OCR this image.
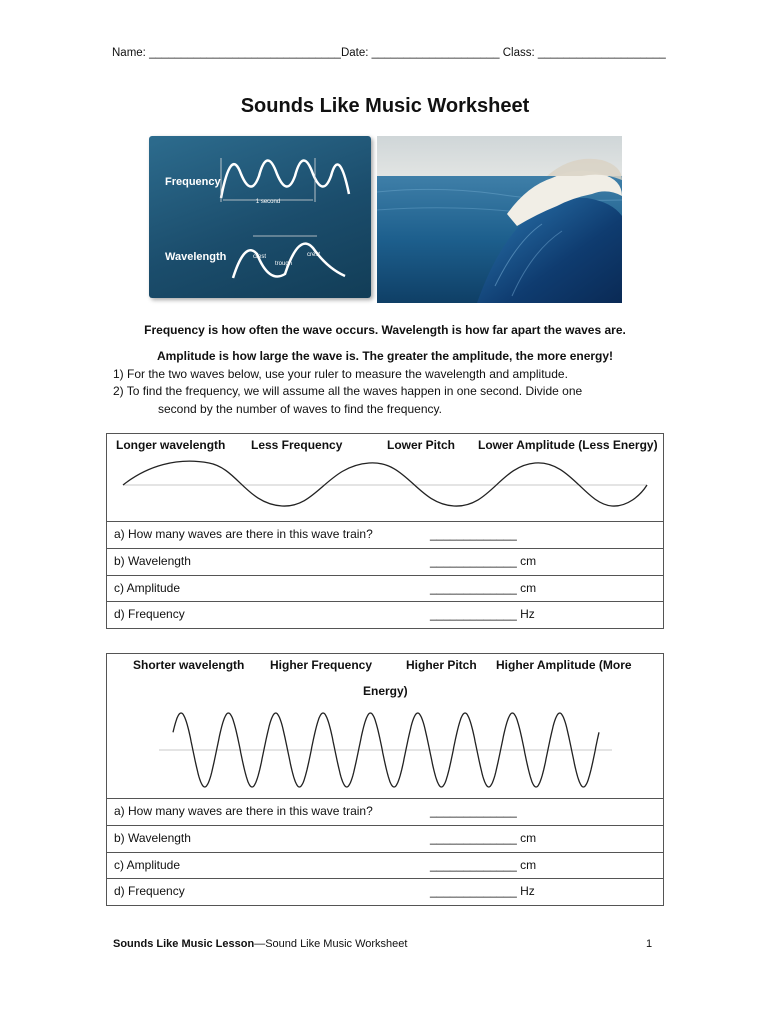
Name: ______________________________Date: ____________________ Class: ____________________
Sounds Like Music Worksheet
Frequency
1 second
Wavelength	crest
trough
crest
Frequency is how often the wave occurs. Wavelength is how far apart the waves are.
Amplitude is how large the wave is. The greater the amplitude, the more energy!
1) For the two waves below, use your ruler to measure the wavelength and amplitude.
2) To find the frequency, we will assume all the waves happen in one second. Divide one
second by the number of waves to find the frequency.
Longer wavelength Less Frequency	Lower Pitch Lower Amplitude (Less Energy)
a) How many waves are there in this wave train?	_____________
b) Wavelength	_____________ cm
c) Amplitude	_____________ cm
d) Frequency	_____________ Hz
Shorter wavelength Higher Frequency	Higher Pitch Higher Amplitude (More
Energy)
a) How many waves are there in this wave train?	_____________
b) Wavelength	_____________ cm
c) Amplitude	_____________ cm
d) Frequency	_____________ Hz
Sounds Like Music Lesson—Sound Like Music Worksheet	1
